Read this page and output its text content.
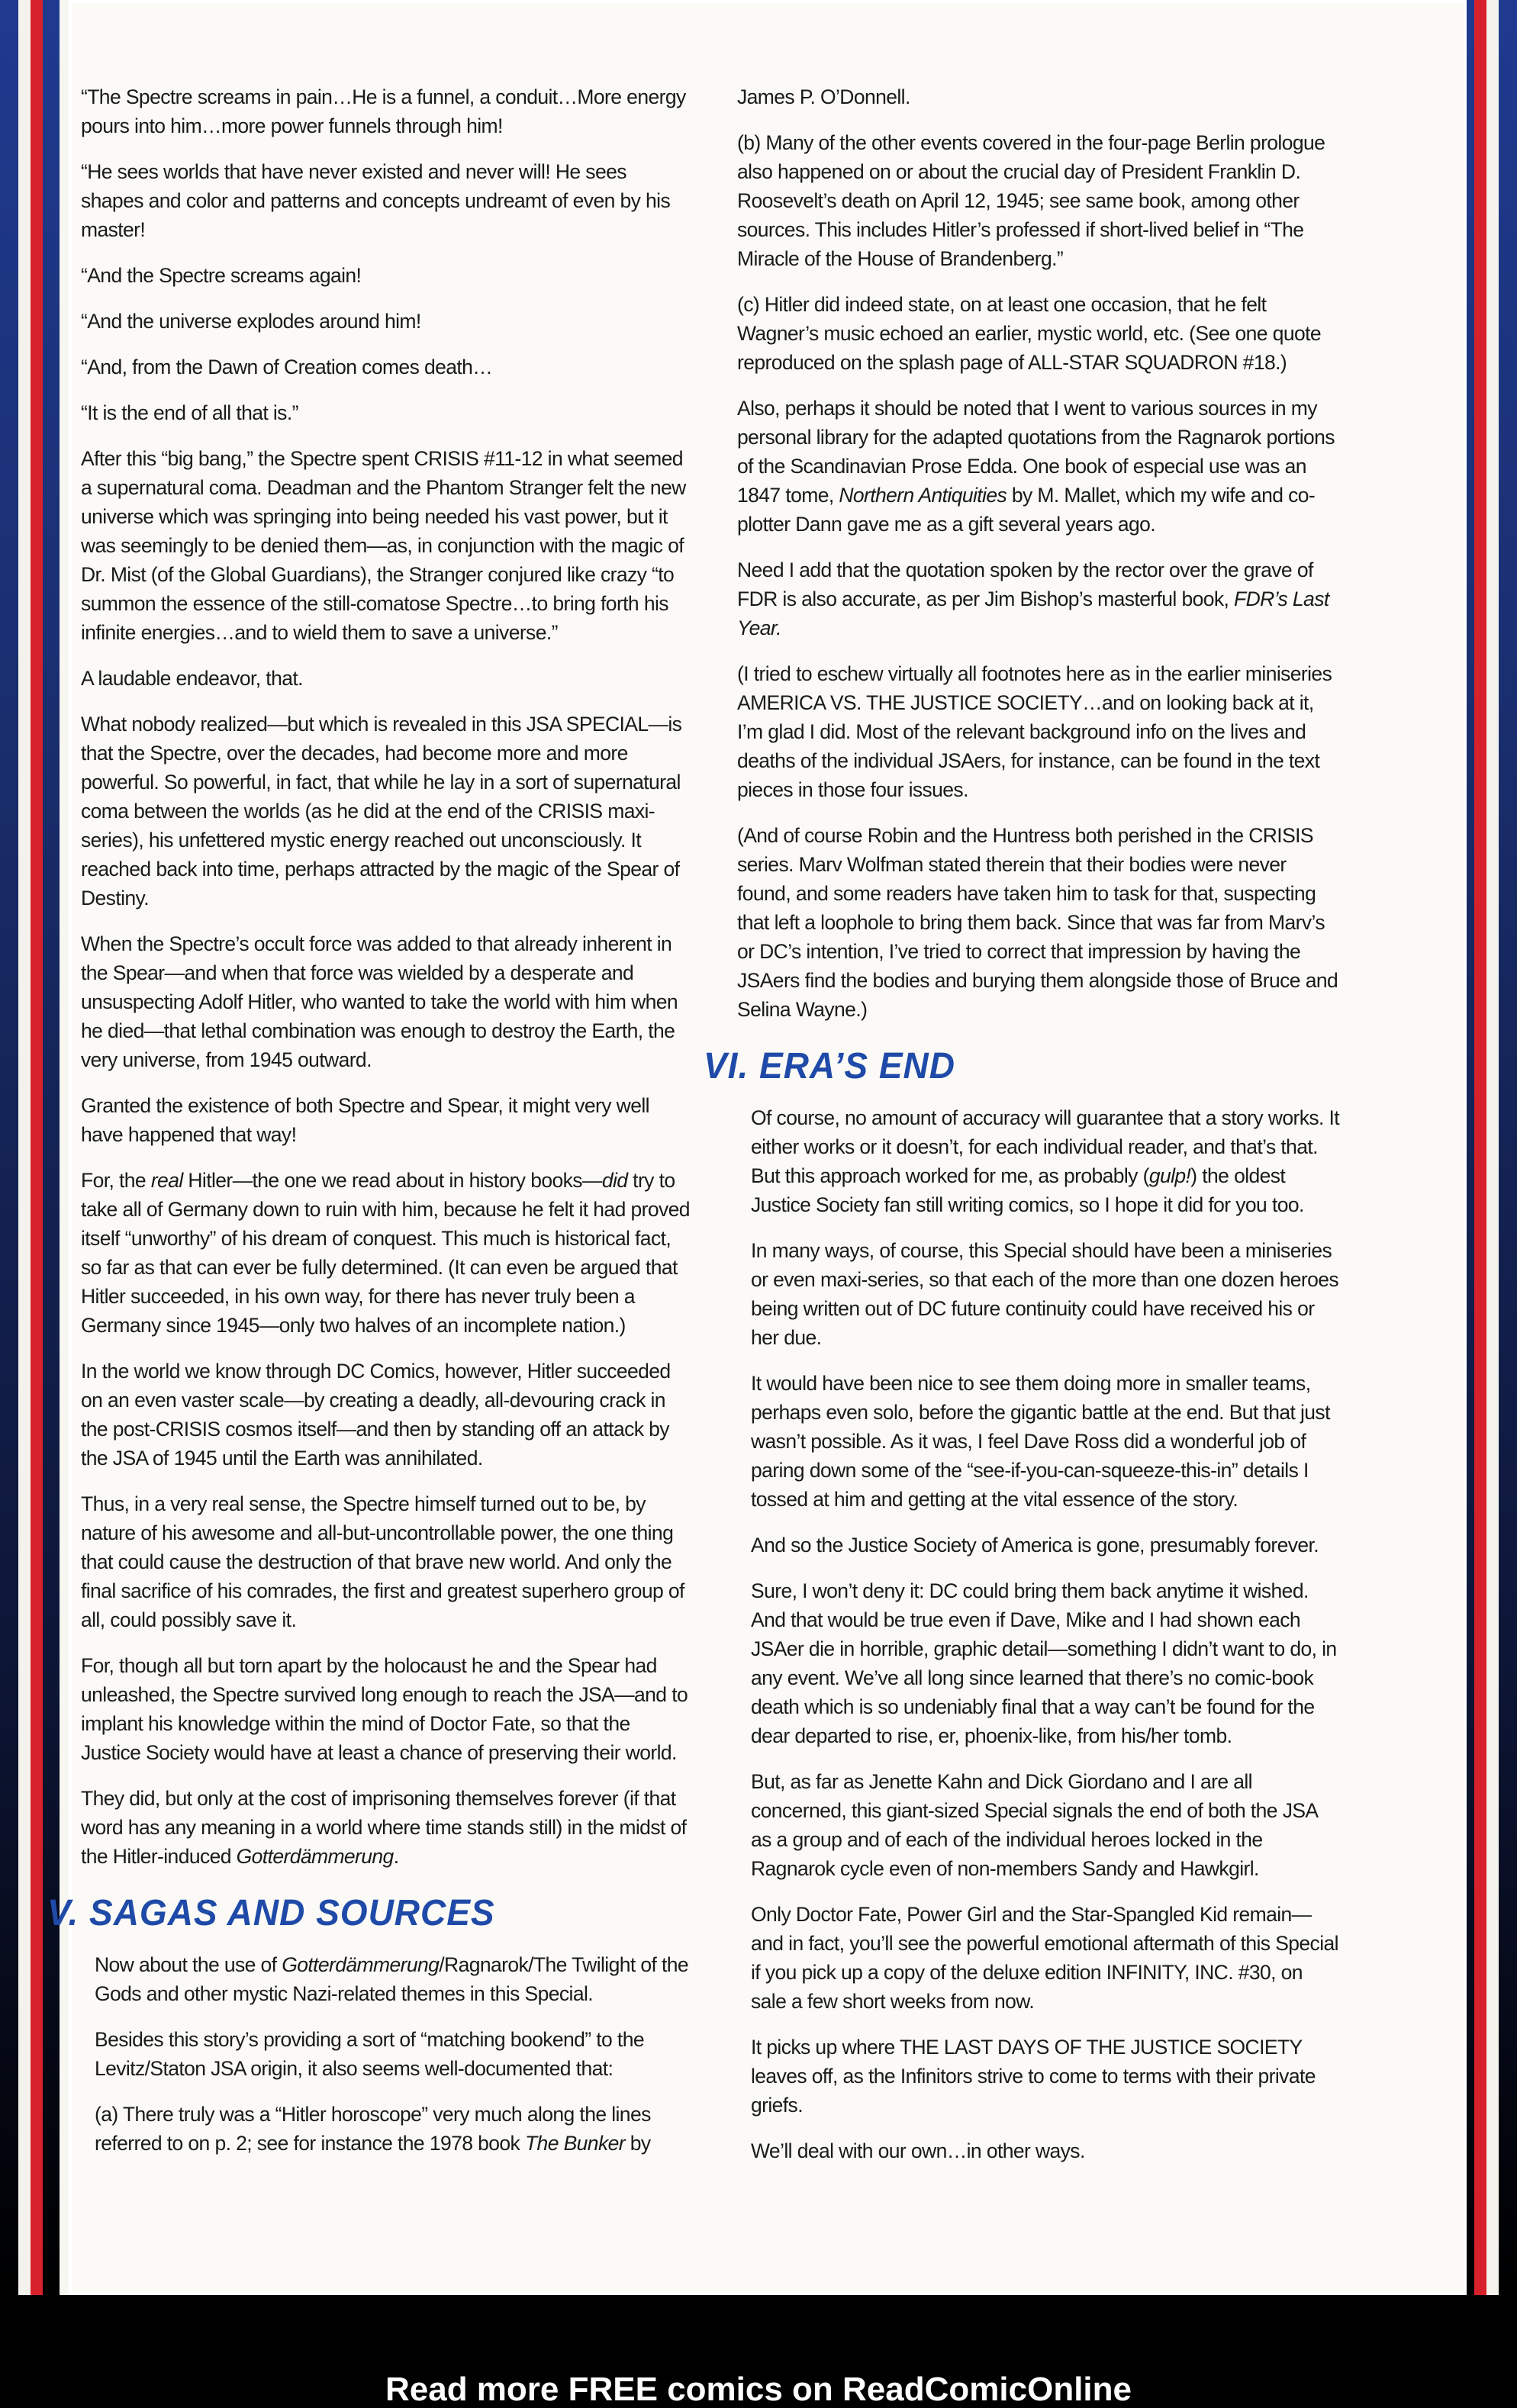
“The Spectre screams in pain…He is a funnel, a conduit…More energy pours into him…more power funnels through him!

“He sees worlds that have never existed and never will! He sees shapes and color and patterns and concepts undreamt of even by his master!

“And the Spectre screams again!

“And the universe explodes around him!

“And, from the Dawn of Creation comes death…

“It is the end of all that is.”

After this “big bang,” the Spectre spent CRISIS #11-12 in what seemed a supernatural coma. Deadman and the Phantom Stranger felt the new universe which was springing into being needed his vast power, but it was seemingly to be denied them—as, in conjunction with the magic of Dr. Mist (of the Global Guardians), the Stranger conjured like crazy “to summon the essence of the still-comatose Spectre…to bring forth his infinite energies…and to wield them to save a universe.”

A laudable endeavor, that.

What nobody realized—but which is revealed in this JSA SPECIAL—is that the Spectre, over the decades, had become more and more powerful. So powerful, in fact, that while he lay in a sort of supernatural coma between the worlds (as he did at the end of the CRISIS maxi-series), his unfettered mystic energy reached out unconsciously. It reached back into time, perhaps attracted by the magic of the Spear of Destiny.

When the Spectre’s occult force was added to that already inherent in the Spear—and when that force was wielded by a desperate and unsuspecting Adolf Hitler, who wanted to take the world with him when he died—that lethal combination was enough to destroy the Earth, the very universe, from 1945 outward.

Granted the existence of both Spectre and Spear, it might very well have happened that way!

For, the real Hitler—the one we read about in history books—did try to take all of Germany down to ruin with him, because he felt it had proved itself “unworthy” of his dream of conquest. This much is historical fact, so far as that can ever be fully determined. (It can even be argued that Hitler succeeded, in his own way, for there has never truly been a Germany since 1945—only two halves of an incomplete nation.)

In the world we know through DC Comics, however, Hitler succeeded on an even vaster scale—by creating a deadly, all-devouring crack in the post-CRISIS cosmos itself—and then by standing off an attack by the JSA of 1945 until the Earth was annihilated.

Thus, in a very real sense, the Spectre himself turned out to be, by nature of his awesome and all-but-uncontrollable power, the one thing that could cause the destruction of that brave new world. And only the final sacrifice of his comrades, the first and greatest superhero group of all, could possibly save it.

For, though all but torn apart by the holocaust he and the Spear had unleashed, the Spectre survived long enough to reach the JSA—and to implant his knowledge within the mind of Doctor Fate, so that the Justice Society would have at least a chance of preserving their world.

They did, but only at the cost of imprisoning themselves forever (if that word has any meaning in a world where time stands still) in the midst of the Hitler-induced Gotterdämmerung.

V. SAGAS AND SOURCES

Now about the use of Gotterdämmerung/Ragnarok/The Twilight of the Gods and other mystic Nazi-related themes in this Special.

Besides this story’s providing a sort of “matching bookend” to the Levitz/Staton JSA origin, it also seems well-documented that:

(a) There truly was a “Hitler horoscope” very much along the lines referred to on p. 2; see for instance the 1978 book The Bunker by

James P. O’Donnell.

(b) Many of the other events covered in the four-page Berlin prologue also happened on or about the crucial day of President Franklin D. Roosevelt’s death on April 12, 1945; see same book, among other sources. This includes Hitler’s professed if short-lived belief in “The Miracle of the House of Brandenberg.”

(c) Hitler did indeed state, on at least one occasion, that he felt Wagner’s music echoed an earlier, mystic world, etc. (See one quote reproduced on the splash page of ALL-STAR SQUADRON #18.)

Also, perhaps it should be noted that I went to various sources in my personal library for the adapted quotations from the Ragnarok portions of the Scandinavian Prose Edda. One book of especial use was an 1847 tome, Northern Antiquities by M. Mallet, which my wife and co-plotter Dann gave me as a gift several years ago.

Need I add that the quotation spoken by the rector over the grave of FDR is also accurate, as per Jim Bishop’s masterful book, FDR’s Last Year.

(I tried to eschew virtually all footnotes here as in the earlier miniseries AMERICA VS. THE JUSTICE SOCIETY…and on looking back at it, I’m glad I did. Most of the relevant background info on the lives and deaths of the individual JSAers, for instance, can be found in the text pieces in those four issues.

(And of course Robin and the Huntress both perished in the CRISIS series. Marv Wolfman stated therein that their bodies were never found, and some readers have taken him to task for that, suspecting that left a loophole to bring them back. Since that was far from Marv’s or DC’s intention, I’ve tried to correct that impression by having the JSAers find the bodies and burying them alongside those of Bruce and Selina Wayne.)

VI. ERA’S END

Of course, no amount of accuracy will guarantee that a story works. It either works or it doesn’t, for each individual reader, and that’s that. But this approach worked for me, as probably (gulp!) the oldest Justice Society fan still writing comics, so I hope it did for you too.

In many ways, of course, this Special should have been a miniseries or even maxi-series, so that each of the more than one dozen heroes being written out of DC future continuity could have received his or her due.

It would have been nice to see them doing more in smaller teams, perhaps even solo, before the gigantic battle at the end. But that just wasn’t possible. As it was, I feel Dave Ross did a wonderful job of paring down some of the “see-if-you-can-squeeze-this-in” details I tossed at him and getting at the vital essence of the story.

And so the Justice Society of America is gone, presumably forever.

Sure, I won’t deny it: DC could bring them back anytime it wished. And that would be true even if Dave, Mike and I had shown each JSAer die in horrible, graphic detail—something I didn’t want to do, in any event. We’ve all long since learned that there’s no comic-book death which is so undeniably final that a way can’t be found for the dear departed to rise, er, phoenix-like, from his/her tomb.

But, as far as Jenette Kahn and Dick Giordano and I are all concerned, this giant-sized Special signals the end of both the JSA as a group and of each of the individual heroes locked in the Ragnarok cycle even of non-members Sandy and Hawkgirl.

Only Doctor Fate, Power Girl and the Star-Spangled Kid remain—and in fact, you’ll see the powerful emotional aftermath of this Special if you pick up a copy of the deluxe edition INFINITY, INC. #30, on sale a few short weeks from now.

It picks up where THE LAST DAYS OF THE JUSTICE SOCIETY leaves off, as the Infinitors strive to come to terms with their private griefs.

We’ll deal with our own…in other ways.

Read more FREE comics on ReadComicOnline
